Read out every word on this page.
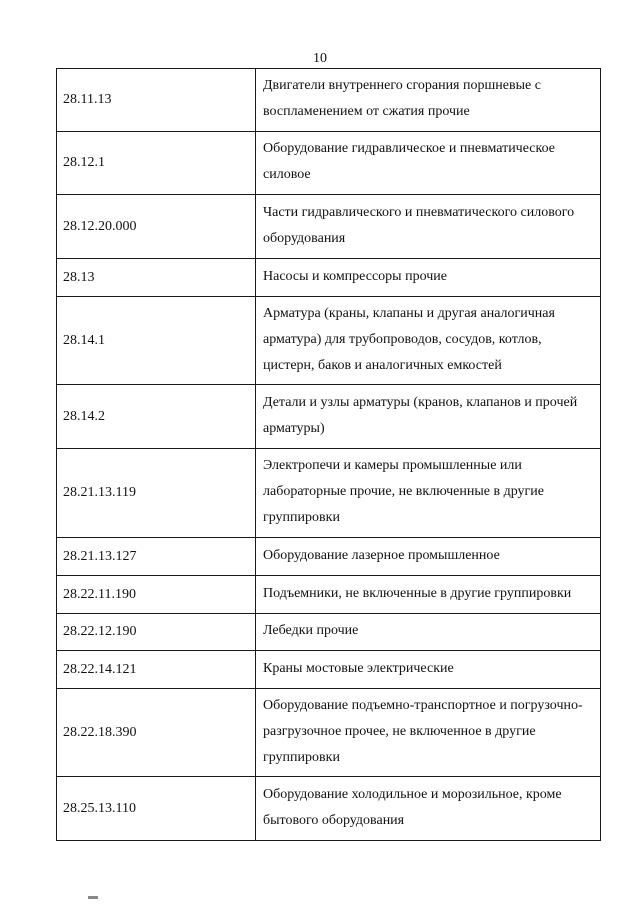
10
28.11.13	Двигатели внутреннего сгорания поршневые с воспламенением от сжатия прочие

28.12.1	Оборудование гидравлическое и пневматическое силовое

28.12.20.000	Части гидравлического и пневматического силового оборудования

28.13	Насосы и компрессоры прочие

28.14.1	Арматура (краны, клапаны и другая аналогичная арматура) для трубопроводов, сосудов, котлов, цистерн, баков и аналогичных емкостей

28.14.2	Детали и узлы арматуры (кранов, клапанов и прочей арматуры)

28.21.13.119	Электропечи и камеры промышленные или лабораторные прочие, не включенные в другие группировки

28.21.13.127	Оборудование лазерное промышленное

28.22.11.190	Подъемники, не включенные в другие группировки

28.22.12.190	Лебедки прочие

28.22.14.121	Краны мостовые электрические

28.22.18.390	Оборудование подъемно-транспортное и погрузочно-разгрузочное прочее, не включенное в другие группировки

28.25.13.110	Оборудование холодильное и морозильное, кроме бытового оборудования
